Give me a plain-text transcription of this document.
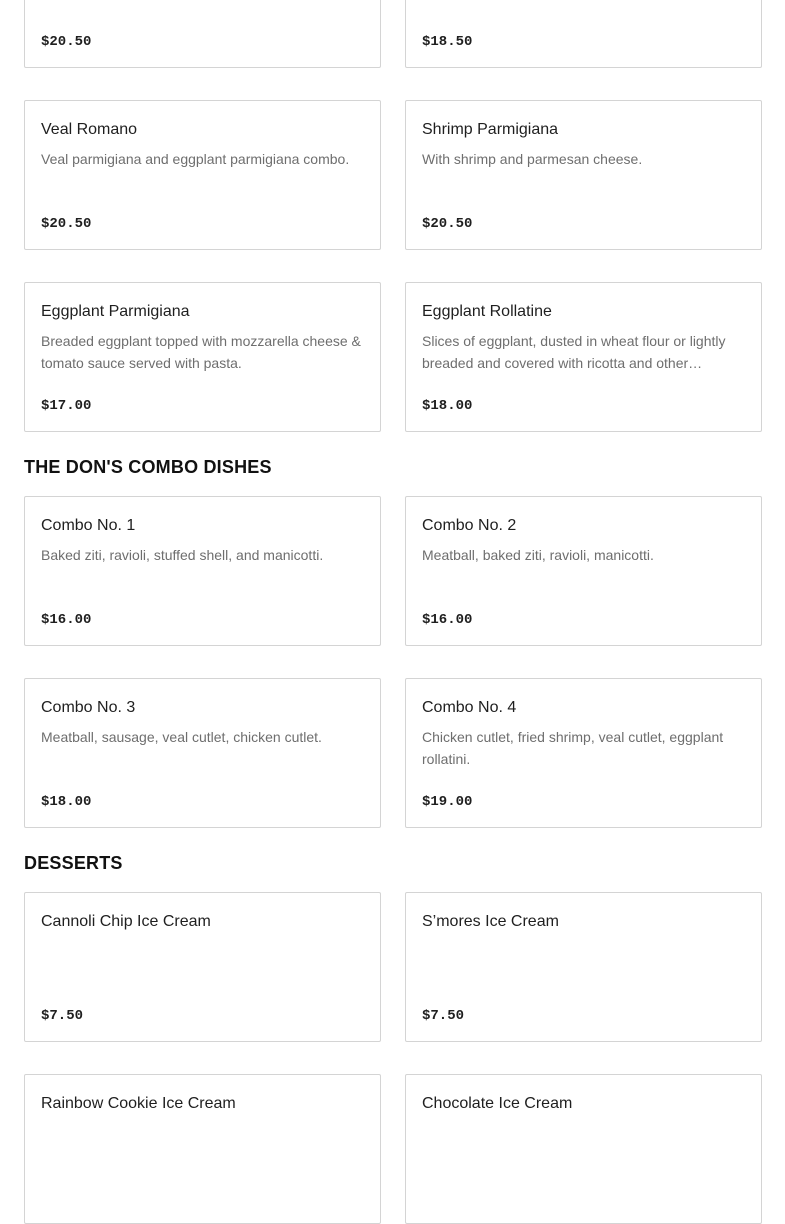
$20.50	$18.50
Veal Romano
Veal parmigiana and eggplant parmigiana combo.
$20.50
Shrimp Parmigiana
With shrimp and parmesan cheese.
$20.50
Eggplant Parmigiana
Breaded eggplant topped with mozzarella cheese & tomato sauce served with pasta.
$17.00
Eggplant Rollatine
Slices of eggplant, dusted in wheat flour or lightly breaded and covered with ricotta and other…
$18.00
THE DON'S COMBO DISHES
Combo No. 1
Baked ziti, ravioli, stuffed shell, and manicotti.
$16.00
Combo No. 2
Meatball, baked ziti, ravioli, manicotti.
$16.00
Combo No. 3
Meatball, sausage, veal cutlet, chicken cutlet.
$18.00
Combo No. 4
Chicken cutlet, fried shrimp, veal cutlet, eggplant rollatini.
$19.00
DESSERTS
Cannoli Chip Ice Cream
$7.50
S’mores Ice Cream
$7.50
Rainbow Cookie Ice Cream	Chocolate Ice Cream
